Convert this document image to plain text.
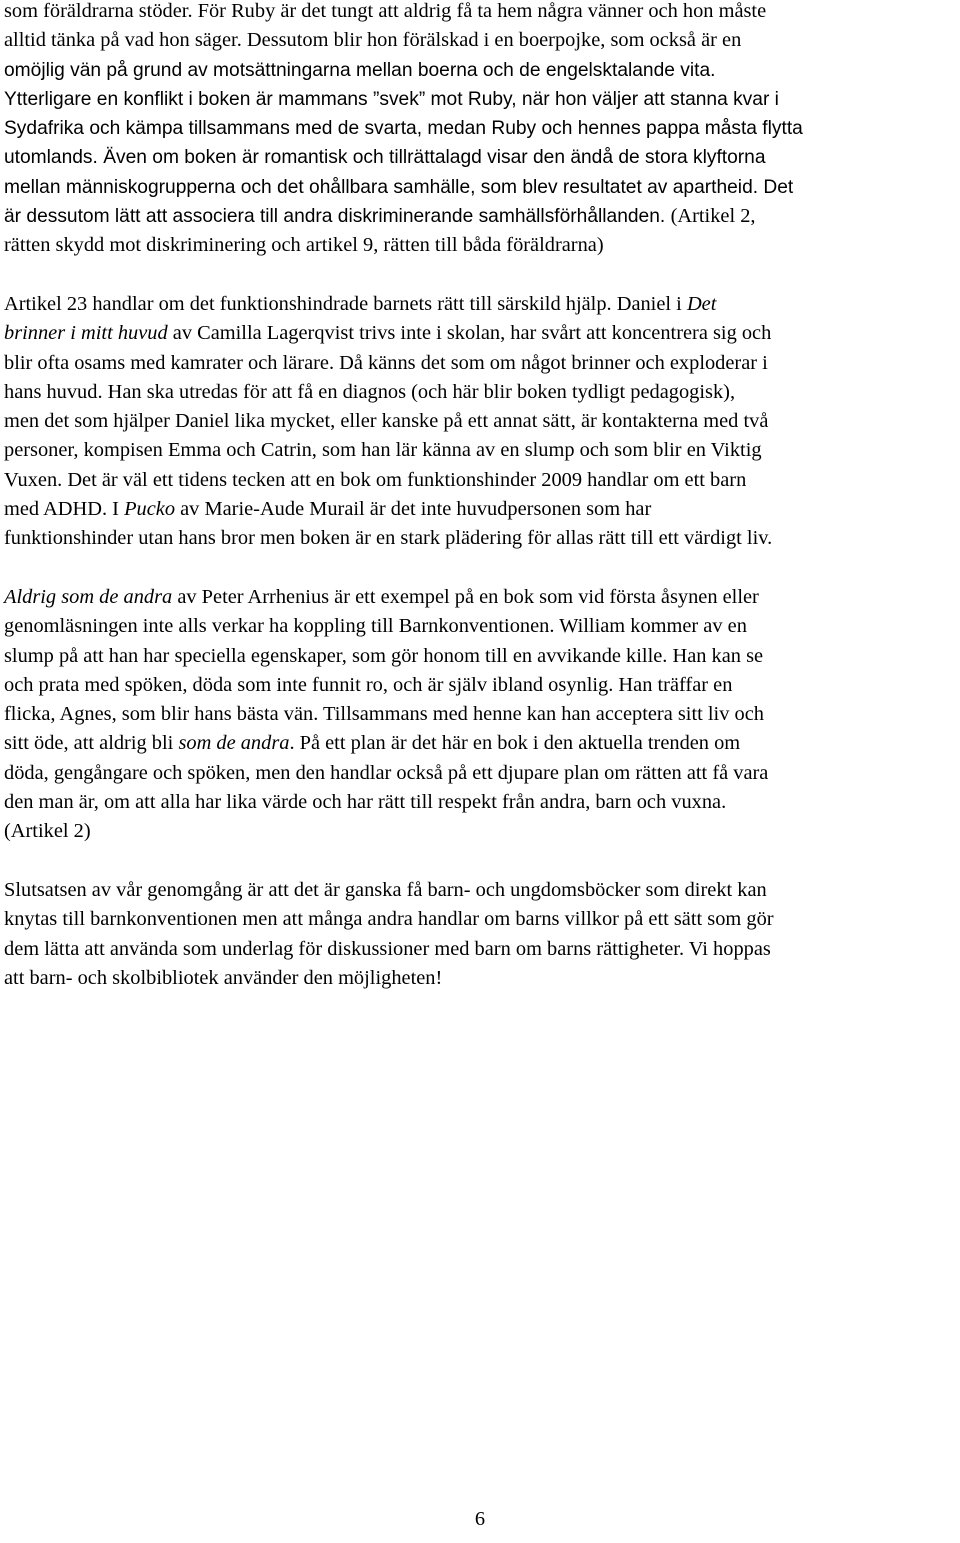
som föräldrarna stöder. För Ruby är det tungt att aldrig få ta hem några vänner och hon måste
alltid tänka på vad hon säger. Dessutom blir hon förälskad i en boerpojke, som också är en
omöjlig vän på grund av motsättningarna mellan boerna och de engelsktalande vita.
Ytterligare en konflikt i boken är mammans ”svek” mot Ruby, när hon väljer att stanna kvar i
Sydafrika och kämpa tillsammans med de svarta, medan Ruby och hennes pappa måsta flytta
utomlands. Även om boken är romantisk och tillrättalagd visar den ändå de stora klyftorna
mellan människogrupperna och det ohållbara samhälle, som blev resultatet av apartheid. Det
är dessutom lätt att associera till andra diskriminerande samhällsförhållanden. (Artikel 2,
rätten skydd mot diskriminering och artikel 9, rätten till båda föräldrarna)

Artikel 23 handlar om det funktionshindrade barnets rätt till särskild hjälp. Daniel i Det
brinner i mitt huvud av Camilla Lagerqvist trivs inte i skolan, har svårt att koncentrera sig och
blir ofta osams med kamrater och lärare. Då känns det som om något brinner och exploderar i
hans huvud. Han ska utredas för att få en diagnos (och här blir boken tydligt pedagogisk),
men det som hjälper Daniel lika mycket, eller kanske på ett annat sätt, är kontakterna med två
personer, kompisen Emma och Catrin, som han lär känna av en slump och som blir en Viktig
Vuxen. Det är väl ett tidens tecken att en bok om funktionshinder 2009 handlar om ett barn
med ADHD. I Pucko av Marie-Aude Murail är det inte huvudpersonen som har
funktionshinder utan hans bror men boken är en stark plädering för allas rätt till ett värdigt liv.

Aldrig som de andra av Peter Arrhenius är ett exempel på en bok som vid första åsynen eller
genomläsningen inte alls verkar ha koppling till Barnkonventionen. William kommer av en
slump på att han har speciella egenskaper, som gör honom till en avvikande kille. Han kan se
och prata med spöken, döda som inte funnit ro, och är själv ibland osynlig. Han träffar en
flicka, Agnes, som blir hans bästa vän. Tillsammans med henne kan han acceptera sitt liv och
sitt öde, att aldrig bli som de andra. På ett plan är det här en bok i den aktuella trenden om
döda, gengångare och spöken, men den handlar också på ett djupare plan om rätten att få vara
den man är, om att alla har lika värde och har rätt till respekt från andra, barn och vuxna.
(Artikel 2)

Slutsatsen av vår genomgång är att det är ganska få barn- och ungdomsböcker som direkt kan
knytas till barnkonventionen men att många andra handlar om barns villkor på ett sätt som gör
dem lätta att använda som underlag för diskussioner med barn om barns rättigheter. Vi hoppas
att barn- och skolbibliotek använder den möjligheten!

6
